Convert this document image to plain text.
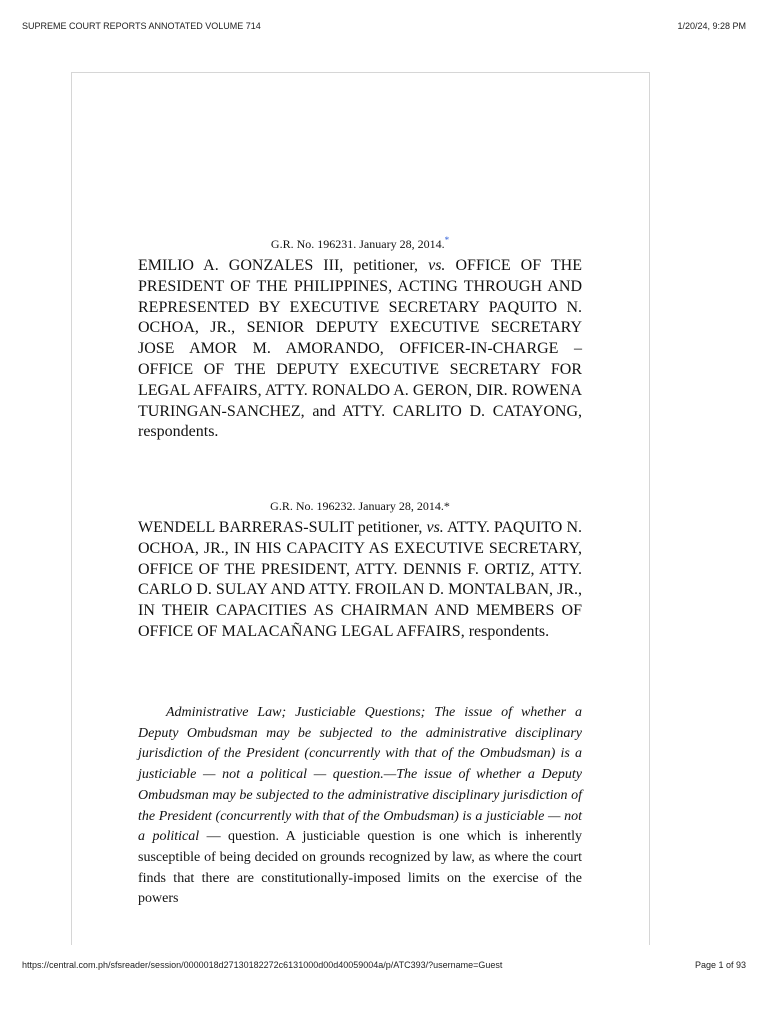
SUPREME COURT REPORTS ANNOTATED VOLUME 714	1/20/24, 9:28 PM

G.R. No. 196231. January 28, 2014.*

EMILIO A. GONZALES III, petitioner, vs. OFFICE OF THE PRESIDENT OF THE PHILIPPINES, ACTING THROUGH AND REPRESENTED BY EXECUTIVE SECRETARY PAQUITO N. OCHOA, JR., SENIOR DEPUTY EXECUTIVE SECRETARY JOSE AMOR M. AMORANDO, OFFICER-IN-CHARGE – OFFICE OF THE DEPUTY EXECUTIVE SECRETARY FOR LEGAL AFFAIRS, ATTY. RONALDO A. GERON, DIR. ROWENA TURINGAN-SANCHEZ, and ATTY. CARLITO D. CATAYONG, respondents.

G.R. No. 196232. January 28, 2014.*

WENDELL BARRERAS-SULIT petitioner, vs. ATTY. PAQUITO N. OCHOA, JR., IN HIS CAPACITY AS EXECUTIVE SECRETARY, OFFICE OF THE PRESIDENT, ATTY. DENNIS F. ORTIZ, ATTY. CARLO D. SULAY AND ATTY. FROILAN D. MONTALBAN, JR., IN THEIR CAPACITIES AS CHAIRMAN AND MEMBERS OF OFFICE OF MALACAÑANG LEGAL AFFAIRS, respondents.

Administrative Law; Justiciable Questions; The issue of whether a Deputy Ombudsman may be subjected to the administrative disciplinary jurisdiction of the President (concurrently with that of the Ombudsman) is a justiciable — not a political — question.—The issue of whether a Deputy Ombudsman may be subjected to the administrative disciplinary jurisdiction of the President (concurrently with that of the Ombudsman) is a justiciable — not a political — question. A justiciable question is one which is inherently susceptible of being decided on grounds recognized by law, as where the court finds that there are constitutionally-imposed limits on the exercise of the powers

https://central.com.ph/sfsreader/session/0000018d27130182272c6131000d00d40059004a/p/ATC393/?username=Guest	Page 1 of 93
